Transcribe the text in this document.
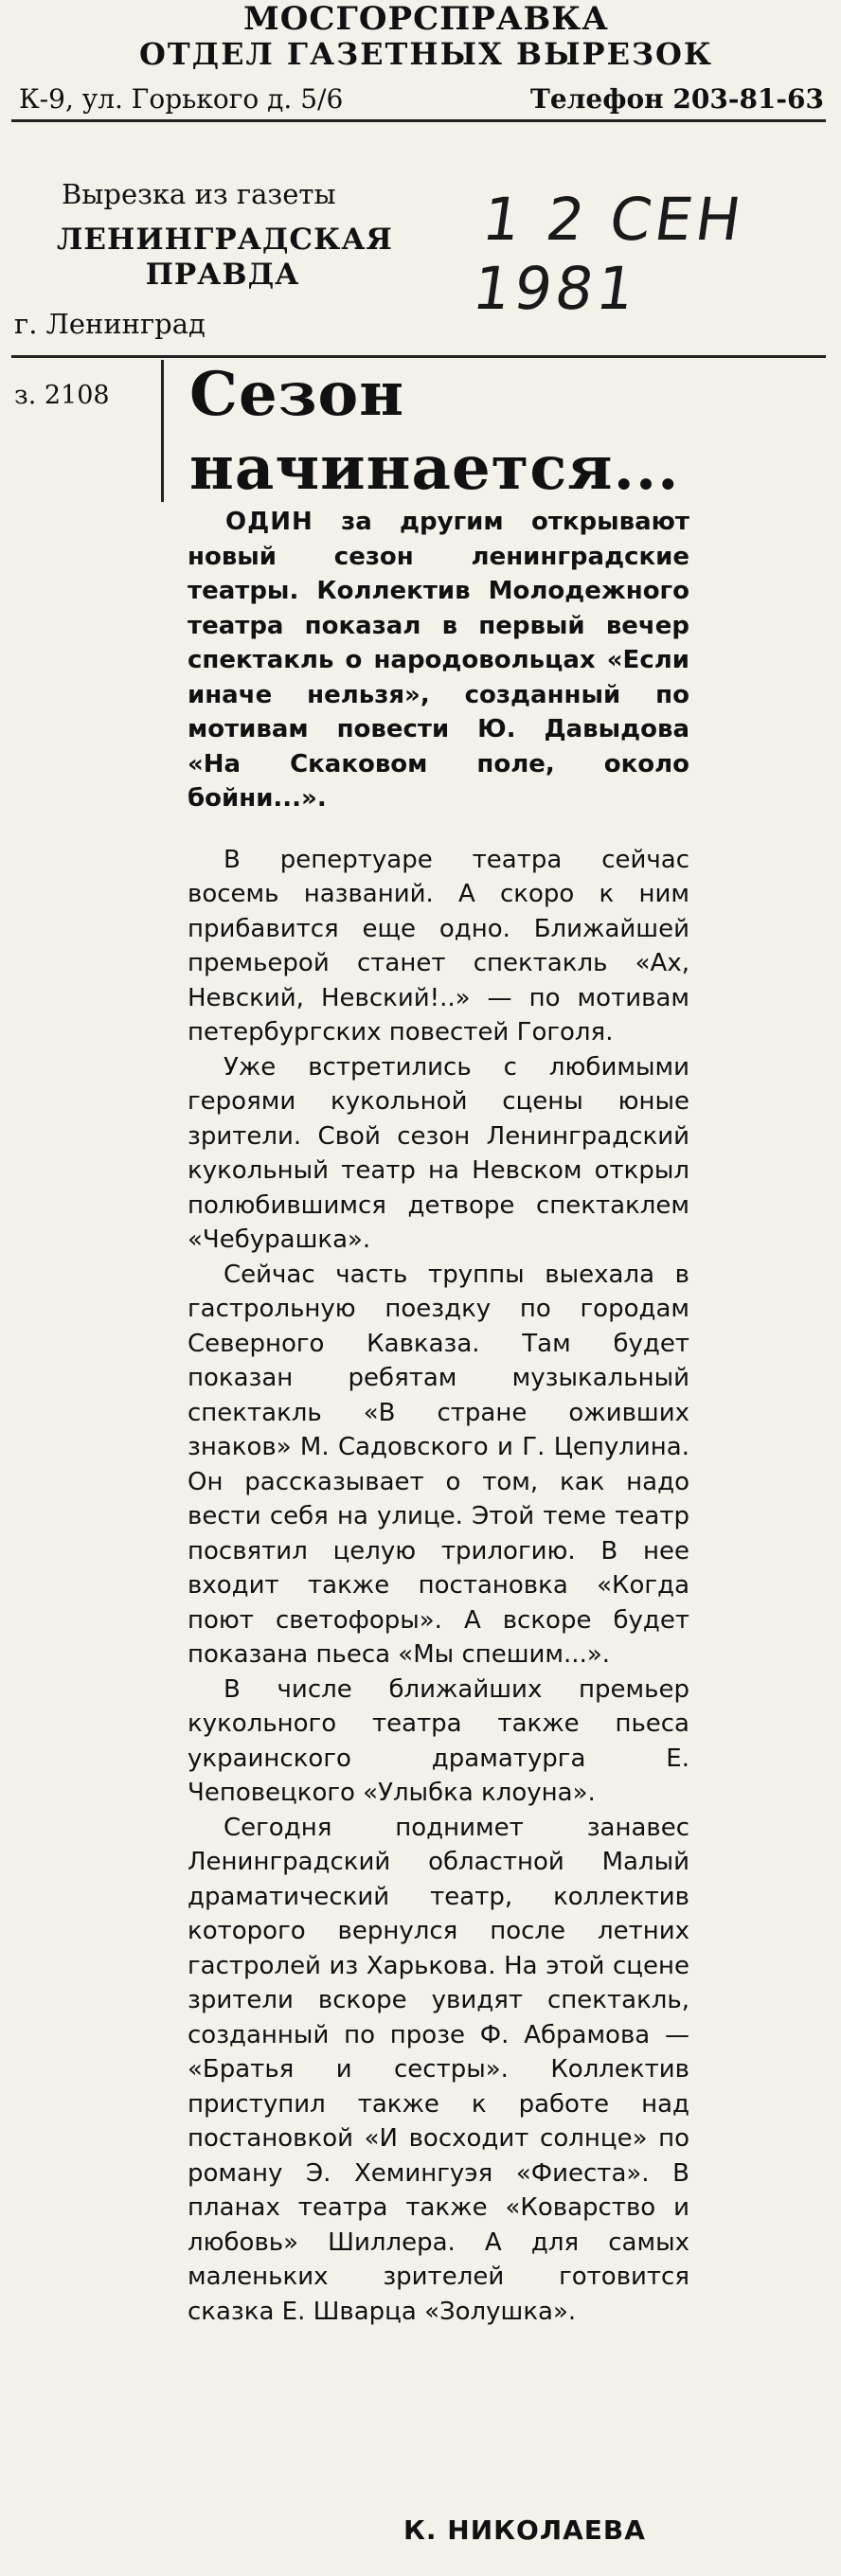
МОСГОРСПРАВКА
ОТДЕЛ ГАЗЕТНЫХ ВЫРЕЗОК
К-9, ул. Горького д. 5/6	Телефон 203-81-63
Вырезка из газеты
ЛЕНИНГРАДСКАЯ
ПРАВДА
1 2 СЕН 1981
г. Ленинград
з. 2108 Сезон
начинается...

ОДИН за другим открывают новый сезон ленинградские театры. Коллектив Молодежного театра показал в первый вечер спектакль о народовольцах «Если иначе нельзя», созданный по мотивам повести Ю. Давыдова «На Скаковом поле, около бойни...».

В репертуаре театра сейчас восемь названий. А скоро к ним прибавится еще одно. Ближайшей премьерой станет спектакль «Ах, Невский, Невский!..» — по мотивам петербургских повестей Гоголя.

Уже встретились с любимыми героями кукольной сцены юные зрители. Свой сезон Ленинградский кукольный театр на Невском открыл полюбившимся детворе спектаклем «Чебурашка».

Сейчас часть труппы выехала в гастрольную поездку по городам Северного Кавказа. Там будет показан ребятам музыкальный спектакль «В стране оживших знаков» М. Садовского и Г. Цепулина. Он рассказывает о том, как надо вести себя на улице. Этой теме театр посвятил целую трилогию. В нее входит также постановка «Когда поют светофоры». А вскоре будет показана пьеса «Мы спешим...».

В числе ближайших премьер кукольного театра также пьеса украинского драматурга Е. Чеповецкого «Улыбка клоуна».

Сегодня поднимет занавес Ленинградский областной Малый драматический театр, коллектив которого вернулся после летних гастролей из Харькова. На этой сцене зрители вскоре увидят спектакль, созданный по прозе Ф. Абрамова — «Братья и сестры». Коллектив приступил также к работе над постановкой «И восходит солнце» по роману Э. Хемингуэя «Фиеста». В планах театра также «Коварство и любовь» Шиллера. А для самых маленьких зрителей готовится сказка Е. Шварца «Золушка».

К. НИКОЛАЕВА
